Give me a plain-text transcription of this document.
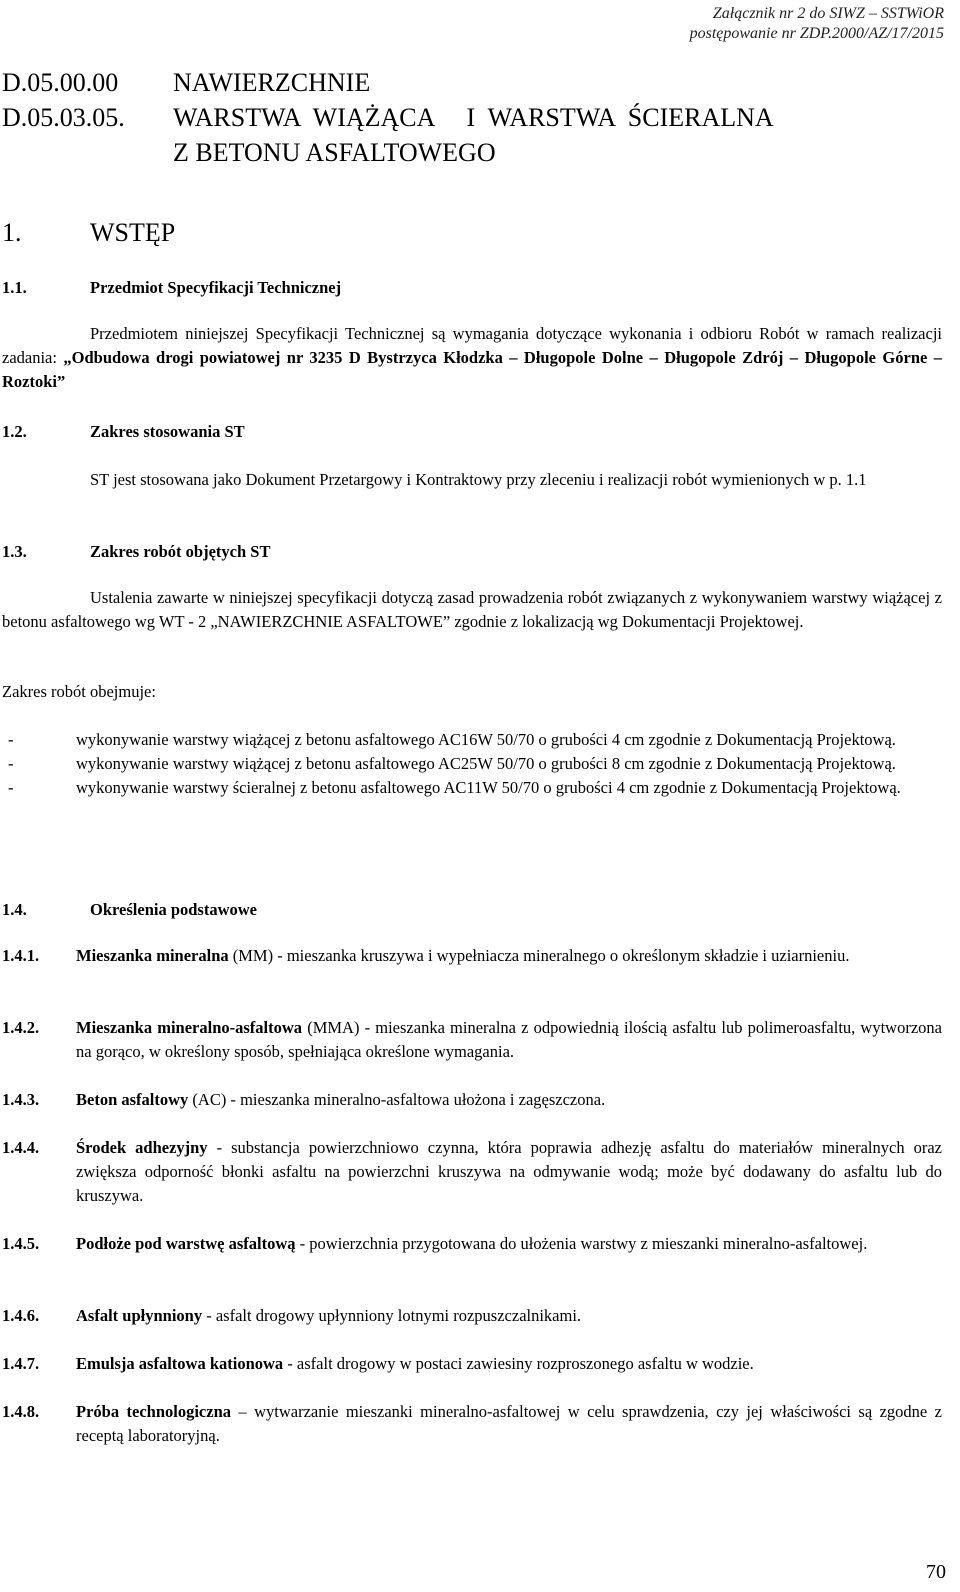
Załącznik nr 2 do SIWZ – SSTWiOR
postępowanie nr ZDP.2000/AZ/17/2015
D.05.00.00	NAWIERZCHNIE
D.05.03.05.	WARSTWA  WIĄŻĄCA     I  WARSTWA  ŚCIERALNA
Z BETONU ASFALTOWEGO
1.	WSTĘP
1.1.	Przedmiot Specyfikacji Technicznej
Przedmiotem niniejszej Specyfikacji Technicznej są wymagania dotyczące wykonania i odbioru Robót w ramach realizacji zadania: „Odbudowa drogi powiatowej nr 3235 D Bystrzyca Kłodzka – Długopole Dolne – Długopole Zdrój – Długopole Górne – Roztoki”
1.2.	Zakres stosowania ST
ST jest stosowana jako Dokument Przetargowy i Kontraktowy przy zleceniu i realizacji robót wymienionych w p. 1.1
1.3.	Zakres robót objętych ST
Ustalenia zawarte w niniejszej specyfikacji dotyczą zasad prowadzenia robót związanych z wykonywaniem warstwy wiążącej z betonu asfaltowego wg WT - 2 „NAWIERZCHNIE ASFALTOWE” zgodnie z lokalizacją wg Dokumentacji Projektowej.
Zakres robót obejmuje:
-	wykonywanie warstwy wiążącej z betonu asfaltowego AC16W 50/70 o grubości 4 cm zgodnie z Dokumentacją Projektową.
-	wykonywanie warstwy wiążącej z betonu asfaltowego AC25W 50/70 o grubości 8 cm zgodnie z Dokumentacją Projektową.
-	wykonywanie warstwy ścieralnej z betonu asfaltowego AC11W 50/70 o grubości 4 cm zgodnie z Dokumentacją Projektową.
1.4.	Określenia podstawowe
1.4.1. Mieszanka mineralna (MM) - mieszanka kruszywa i wypełniacza mineralnego o określonym składzie i uziarnieniu.
1.4.2. Mieszanka mineralno-asfaltowa (MMA) - mieszanka mineralna z odpowiednią ilością asfaltu lub polimeroasfaltu, wytworzona na gorąco, w określony sposób, spełniająca określone wymagania.
1.4.3. Beton asfaltowy (AC) - mieszanka mineralno-asfaltowa ułożona i zagęszczona.
1.4.4. Środek adhezyjny - substancja powierzchniowo czynna, która poprawia adhezję asfaltu do materiałów mineralnych oraz zwiększa odporność błonki asfaltu na powierzchni kruszywa na odmywanie wodą; może być dodawany do asfaltu lub do kruszywa.
1.4.5. Podłoże pod warstwę asfaltową - powierzchnia przygotowana do ułożenia warstwy z mieszanki mineralno-asfaltowej.
1.4.6. Asfalt upłynniony - asfalt drogowy upłynniony lotnymi rozpuszczalnikami.
1.4.7. Emulsja asfaltowa kationowa - asfalt drogowy w postaci zawiesiny rozproszonego asfaltu w wodzie.
1.4.8. Próba technologiczna – wytwarzanie mieszanki mineralno-asfaltowej w celu sprawdzenia, czy jej właściwości są zgodne z receptą laboratoryjną.
70
